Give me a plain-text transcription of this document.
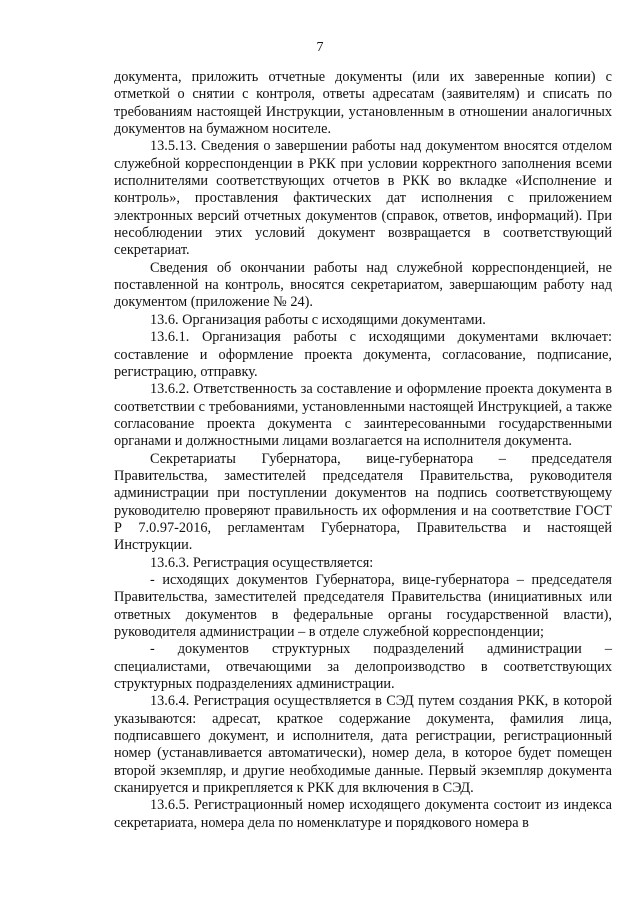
7

документа, приложить отчетные документы (или их заверенные копии) с отметкой о снятии с контроля, ответы адресатам (заявителям) и списать по требованиям настоящей Инструкции, установленным в отношении аналогичных документов на бумажном носителе.

13.5.13. Сведения о завершении работы над документом вносятся отделом служебной корреспонденции в РКК при условии корректного заполнения всеми исполнителями соответствующих отчетов в РКК во вкладке «Исполнение и контроль», проставления фактических дат исполнения с приложением электронных версий отчетных документов (справок, ответов, информаций). При несоблюдении этих условий документ возвращается в соответствующий секретариат.

Сведения об окончании работы над служебной корреспонденцией, не поставленной на контроль, вносятся секретариатом, завершающим работу над документом (приложение № 24).

13.6. Организация работы с исходящими документами.

13.6.1. Организация работы с исходящими документами включает: составление и оформление проекта документа, согласование, подписание, регистрацию, отправку.

13.6.2. Ответственность за составление и оформление проекта документа в соответствии с требованиями, установленными настоящей Инструкцией, а также согласование проекта документа с заинтересованными государственными органами и должностными лицами возлагается на исполнителя документа.

Секретариаты Губернатора, вице-губернатора – председателя Правительства, заместителей председателя Правительства, руководителя администрации при поступлении документов на подпись соответствующему руководителю проверяют правильность их оформления и на соответствие ГОСТ Р 7.0.97-2016, регламентам Губернатора, Правительства и настоящей Инструкции.

13.6.3. Регистрация осуществляется:

- исходящих документов Губернатора, вице-губернатора – председателя Правительства, заместителей председателя Правительства (инициативных или ответных документов в федеральные органы государственной власти), руководителя администрации – в отделе служебной корреспонденции;

- документов структурных подразделений администрации – специалистами, отвечающими за делопроизводство в соответствующих структурных подразделениях администрации.

13.6.4. Регистрация осуществляется в СЭД путем создания РКК, в которой указываются: адресат, краткое содержание документа, фамилия лица, подписавшего документ, и исполнителя, дата регистрации, регистрационный номер (устанавливается автоматически), номер дела, в которое будет помещен второй экземпляр, и другие необходимые данные. Первый экземпляр документа сканируется и прикрепляется к РКК для включения в СЭД.

13.6.5. Регистрационный номер исходящего документа состоит из индекса секретариата, номера дела по номенклатуре и порядкового номера в
